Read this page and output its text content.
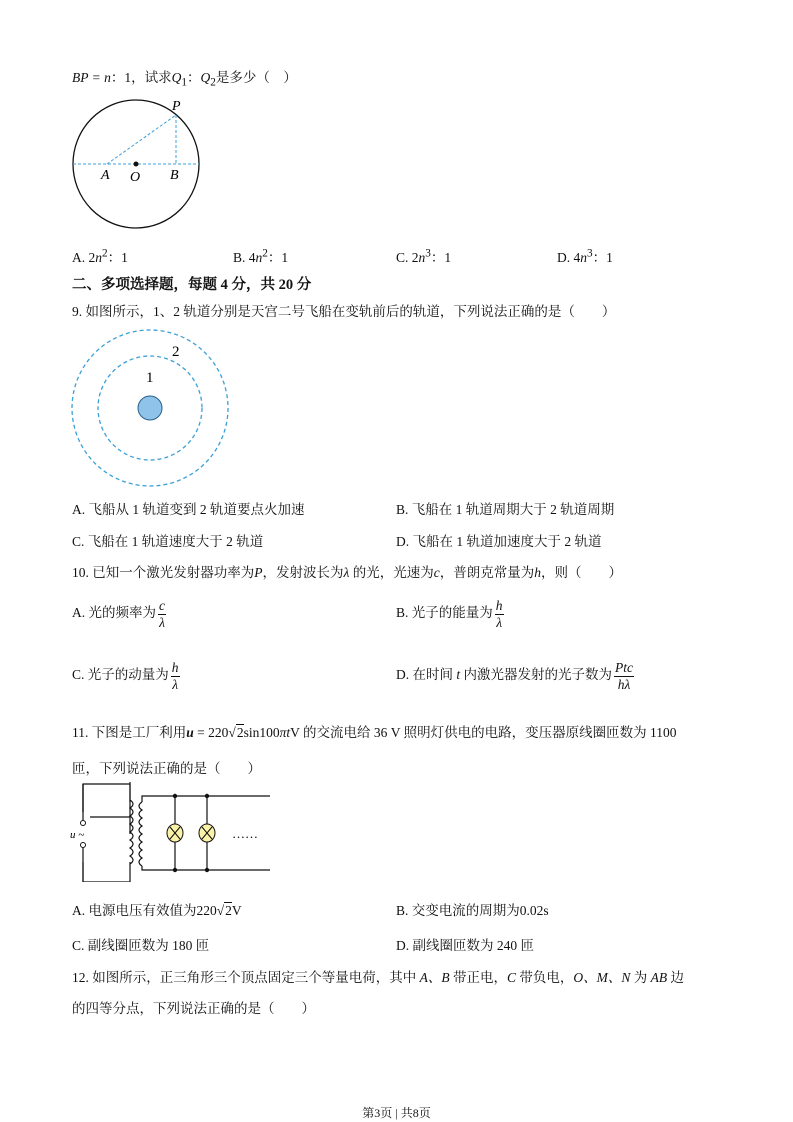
BP = n：1，试求$Q_1$：$Q_2$是多少（　）
P
A O B
A. $2n^2$：1	B. $4n^2$：1	C. $2n^3$：1	D. $4n^3$：1
二、多项选择题，每题 4 分，共 20 分
9. 如图所示，1、2 轨道分别是天宫二号飞船在变轨前后的轨道，下列说法正确的是（　　）
1
2
A. 飞船从 1 轨道变到 2 轨道要点火加速	B. 飞船在 1 轨道周期大于 2 轨道周期
C. 飞船在 1 轨道速度大于 2 轨道	D. 飞船在 1 轨道加速度大于 2 轨道
10. 已知一个激光发射器功率为P，发射波长为λ 的光，光速为c，普朗克常量为h，则（　　）
A. 光的频率为 $\frac{c}{\lambda}$	B. 光子的能量为 $\frac{h}{\lambda}$
C. 光子的动量为 $\frac{h}{\lambda}$	D. 在时间 t 内激光器发射的光子数为 $\frac{\text{Ptc}}{h\lambda}$
11. 下图是工厂利用u = 220√2sin100πtV 的交流电给 36 V 照明灯供电的电路，变压器原线圈匝数为 1100
匝，下列说法正确的是（　　）
u ~	……
A. 电源电压有效值为220√2V	B. 交变电流的周期为0.02s
C. 副线圈匝数为 180 匝	D. 副线圈匝数为 240 匝
12. 如图所示，正三角形三个顶点固定三个等量电荷，其中 A、B 带正电，C 带负电，O、M、N 为 AB 边
的四等分点，下列说法正确的是（　　）
第3页 | 共8页
